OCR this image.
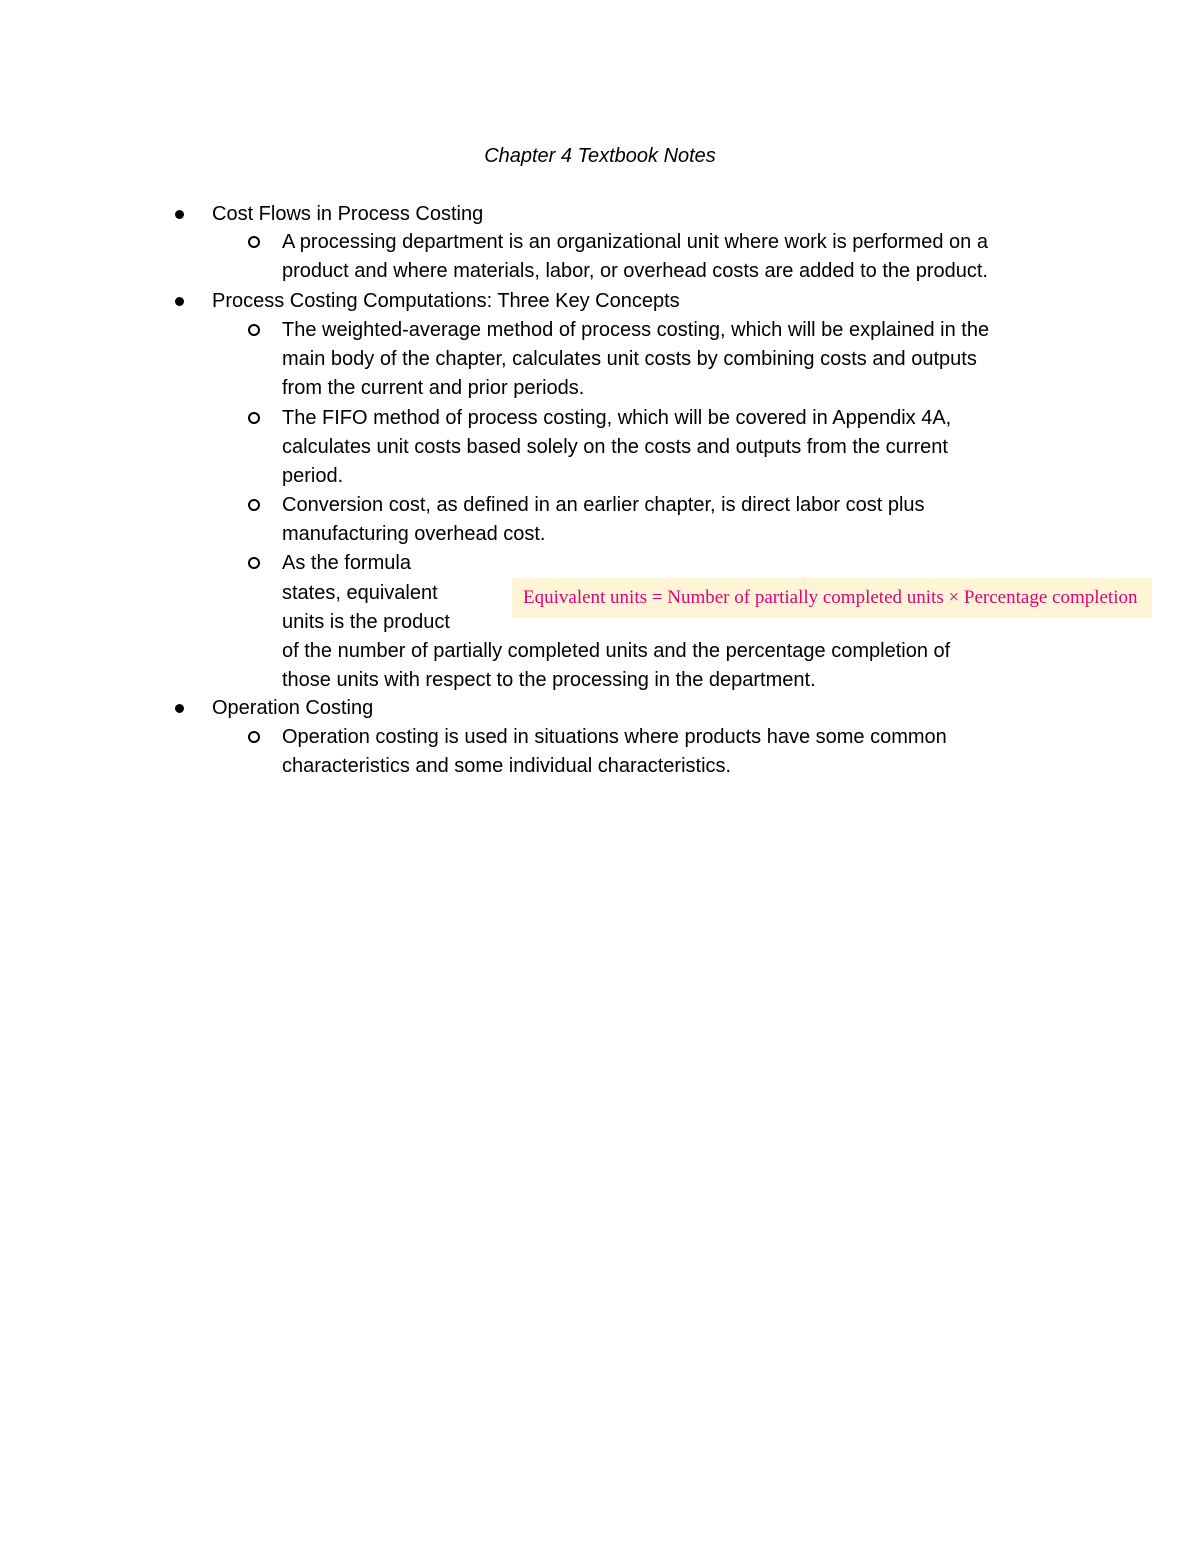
Chapter 4 Textbook Notes
Cost Flows in Process Costing
A processing department is an organizational unit where work is performed on a
product and where materials, labor, or overhead costs are added to the product.
Process Costing Computations: Three Key Concepts
The weighted-average method of process costing, which will be explained in the
main body of the chapter, calculates unit costs by combining costs and outputs
from the current and prior periods.
The FIFO method of process costing, which will be covered in Appendix 4A,
calculates unit costs based solely on the costs and outputs from the current
period.
Conversion cost, as defined in an earlier chapter, is direct labor cost plus
manufacturing overhead cost.
As the formula
states, equivalent
units is the product
of the number of partially completed units and the percentage completion of
those units with respect to the processing in the department.
Equivalent units = Number of partially completed units × Percentage completion
Operation Costing
Operation costing is used in situations where products have some common
characteristics and some individual characteristics.
